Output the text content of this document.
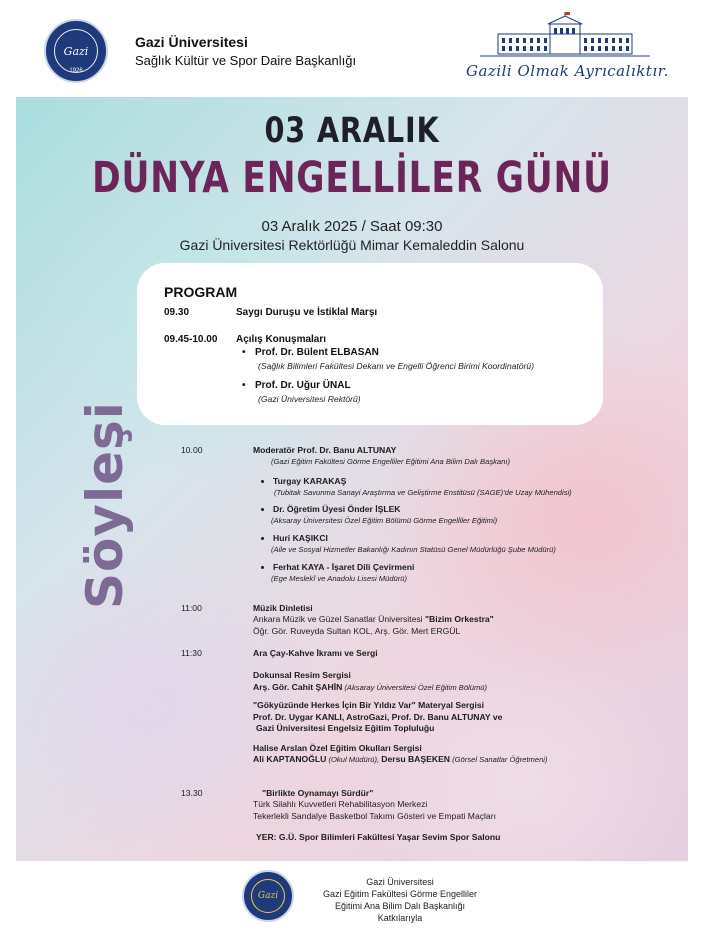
Gazi
1926
Gazi Üniversitesi
Sağlık Kültür ve Spor Daire Başkanlığı
Gazili Olmak Ayrıcalıktır.
03 ARALIK
DÜNYA ENGELLİLER GÜNÜ
03 Aralık 2025 / Saat 09:30
Gazi Üniversitesi Rektörlüğü Mimar Kemaleddin Salonu
PROGRAM
09.30	Saygı Duruşu ve İstiklal Marşı
09.45-10.00 Açılış Konuşmaları
• Prof. Dr. Bülent ELBASAN
(Sağlık Bilimleri Fakültesi Dekanı ve Engelli Öğrenci Birimi Koordinatörü)
• Prof. Dr. Uğur ÜNAL
(Gazi Üniversitesi Rektörü)
Söyleşi	10.00	Moderatör Prof. Dr. Banu ALTUNAY
(Gazi Eğitim Fakültesi Görme Engelliler Eğitimi Ana Bilim Dalı Başkanı)
Turgay KARAKAŞ
(Tubitak Savunma Sanayi Araştırma ve Geliştirme Enstitüsü (SAGE)'de Uzay Mühendisi)
Dr. Öğretim Üyesi Önder İŞLEK
(Aksaray Üniversitesi Özel Eğitim Bölümü Görme Engelliler Eğitimi)
Huri KAŞIKCI
(Aile ve Sosyal Hizmetler Bakanlığı Kadının Statüsü Genel Müdürlüğü Şube Müdürü)
Ferhat KAYA - İşaret Dili Çevirmeni
(Ege Meslekî ve Anadolu Lisesi Müdürü)
11:00	Müzik Dinletisi
Ankara Müzik ve Güzel Sanatlar Üniversitesi "Bizim Orkestra"
Öğr. Gör. Ruveyda Sultan KOL, Arş. Gör. Mert ERGÜL
11:30	Ara Çay-Kahve İkramı ve Sergi
Dokunsal Resim Sergisi
Arş. Gör. Cahit ŞAHİN (Aksaray Üniversitesi Özel Eğitim Bölümü)
"Gökyüzünde Herkes İçin Bir Yıldız Var" Materyal Sergisi
Prof. Dr. Uygar KANLI, AstroGazi, Prof. Dr. Banu ALTUNAY ve
Gazi Üniversitesi Engelsiz Eğitim Topluluğu
Halise Arslan Özel Eğitim Okulları Sergisi
Ali KAPTANOĞLU (Okul Müdürü), Dersu BAŞEKEN (Görsel Sanatlar Öğretmeni)
13.30	"Birlikte Oynamayı Sürdür"
Türk Silahlı Kuvvetleri Rehabilitasyon Merkezi
Tekerlekli Sandalye Basketbol Takımı Gösteri ve Empati Maçları
YER: G.Ü. Spor Bilimleri Fakültesi Yaşar Sevim Spor Salonu
Gazi
Gazi Üniversitesi
Gazi Eğitim Fakültesi Görme Engelliler
Eğitimi Ana Bilim Dalı Başkanlığı
Katkılarıyla
